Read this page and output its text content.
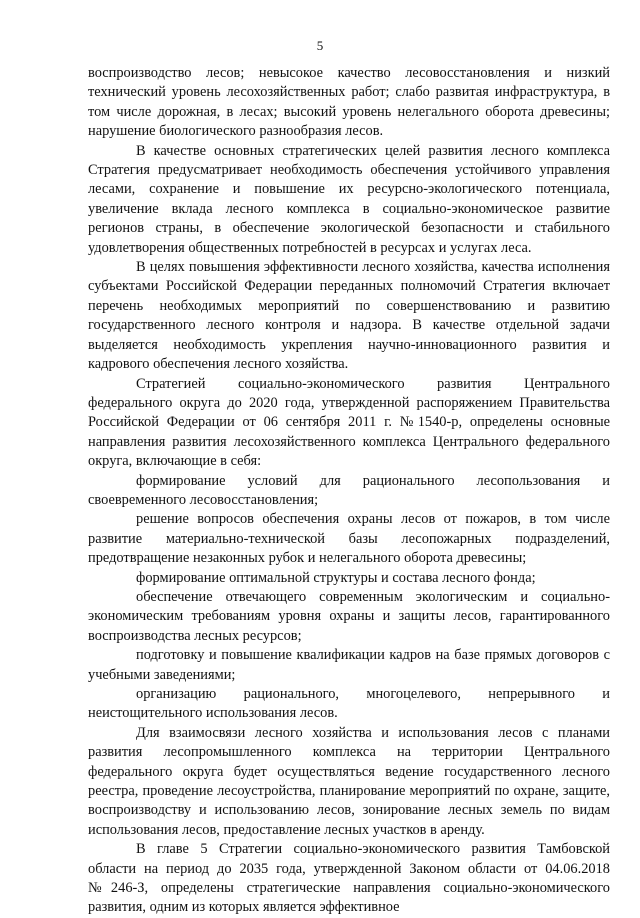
5

воспроизводство лесов; невысокое качество лесовосстановления и низкий технический уровень лесохозяйственных работ; слабо развитая инфраструктура, в том числе дорожная, в лесах; высокий уровень нелегального оборота древесины; нарушение биологического разнообразия лесов.

В качестве основных стратегических целей развития лесного комплекса Стратегия предусматривает необходимость обеспечения устойчивого управления лесами, сохранение и повышение их ресурсно-экологического потенциала, увеличение вклада лесного комплекса в социально-экономическое развитие регионов страны, в обеспечение экологической безопасности и стабильного удовлетворения общественных потребностей в ресурсах и услугах леса.

В целях повышения эффективности лесного хозяйства, качества исполнения субъектами Российской Федерации переданных полномочий Стратегия включает перечень необходимых мероприятий по совершенствованию и развитию государственного лесного контроля и надзора. В качестве отдельной задачи выделяется необходимость укрепления научно-инновационного развития и кадрового обеспечения лесного хозяйства.

Стратегией социально-экономического развития Центрального федерального округа до 2020 года, утвержденной распоряжением Правительства Российской Федерации от 06 сентября 2011 г. №1540-р, определены основные направления развития лесохозяйственного комплекса Центрального федерального округа, включающие в себя:

формирование условий для рационального лесопользования и своевременного лесовосстановления;

решение вопросов обеспечения охраны лесов от пожаров, в том числе развитие материально-технической базы лесопожарных подразделений, предотвращение незаконных рубок и нелегального оборота древесины;

формирование оптимальной структуры и состава лесного фонда;

обеспечение отвечающего современным экологическим и социально-экономическим требованиям уровня охраны и защиты лесов, гарантированного воспроизводства лесных ресурсов;

подготовку и повышение квалификации кадров на базе прямых договоров с учебными заведениями;

организацию рационального, многоцелевого, непрерывного и неистощительного использования лесов.

Для взаимосвязи лесного хозяйства и использования лесов с планами развития лесопромышленного комплекса на территории Центрального федерального округа будет осуществляться ведение государственного лесного реестра, проведение лесоустройства, планирование мероприятий по охране, защите, воспроизводству и использованию лесов, зонирование лесных земель по видам использования лесов, предоставление лесных участков в аренду.

В главе 5 Стратегии социально-экономического развития Тамбовской области на период до 2035 года, утвержденной Законом области от 04.06.2018 №246-З, определены стратегические направления социально-экономического развития, одним из которых является эффективное
